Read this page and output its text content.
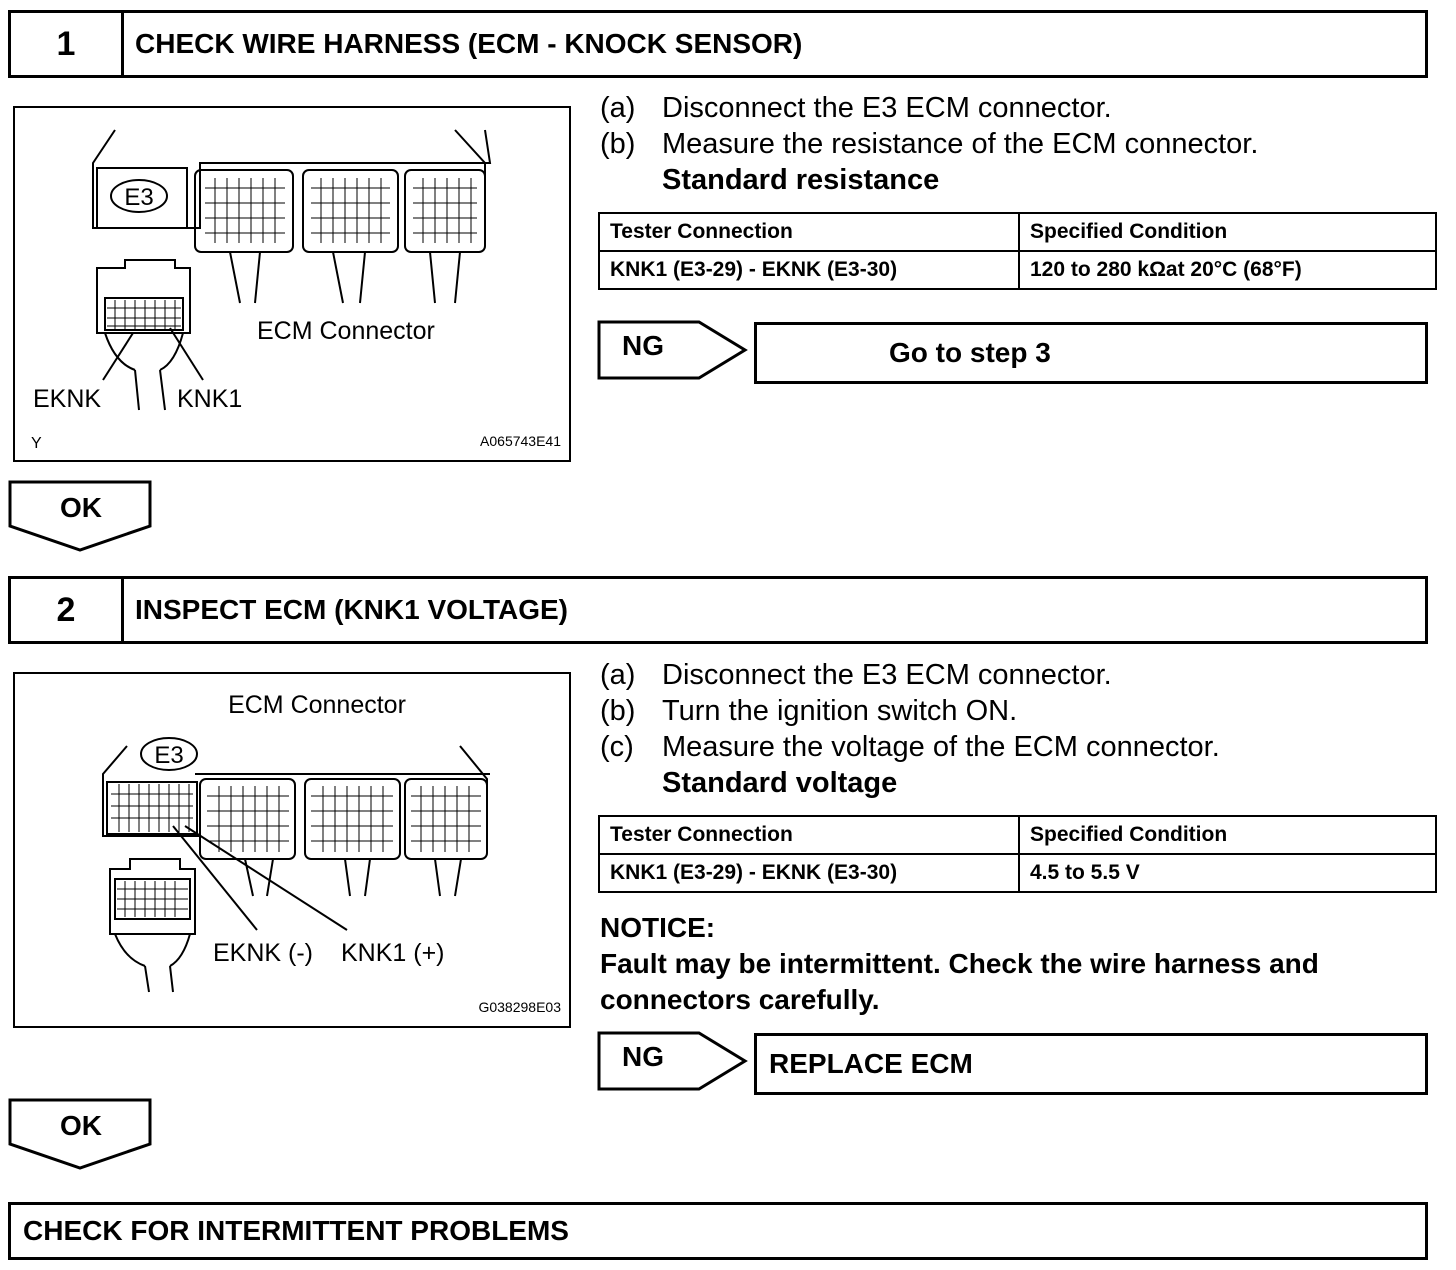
1	CHECK WIRE HARNESS (ECM - KNOCK SENSOR)
E3
ECM Connector
EKNK	KNK1
Y	A065743E41
(a) Disconnect the E3 ECM connector.
(b) Measure the resistance of the ECM connector.
Standard resistance
Tester Connection	Specified Condition
KNK1 (E3-29) - EKNK (E3-30)	120 to 280 kΩat 20°C (68°F)
NG	Go to step 3
OK
2	INSPECT ECM (KNK1 VOLTAGE)
E3
ECM Connector
EKNK (-) KNK1 (+)
G038298E03
(a) Disconnect the E3 ECM connector.
(b) Turn the ignition switch ON.
(c) Measure the voltage of the ECM connector.
Standard voltage
Tester Connection	Specified Condition
KNK1 (E3-29) - EKNK (E3-30)	4.5 to 5.5 V
NOTICE:
Fault may be intermittent. Check the wire harness and
connectors carefully.
NG	REPLACE ECM
OK
CHECK FOR INTERMITTENT PROBLEMS
